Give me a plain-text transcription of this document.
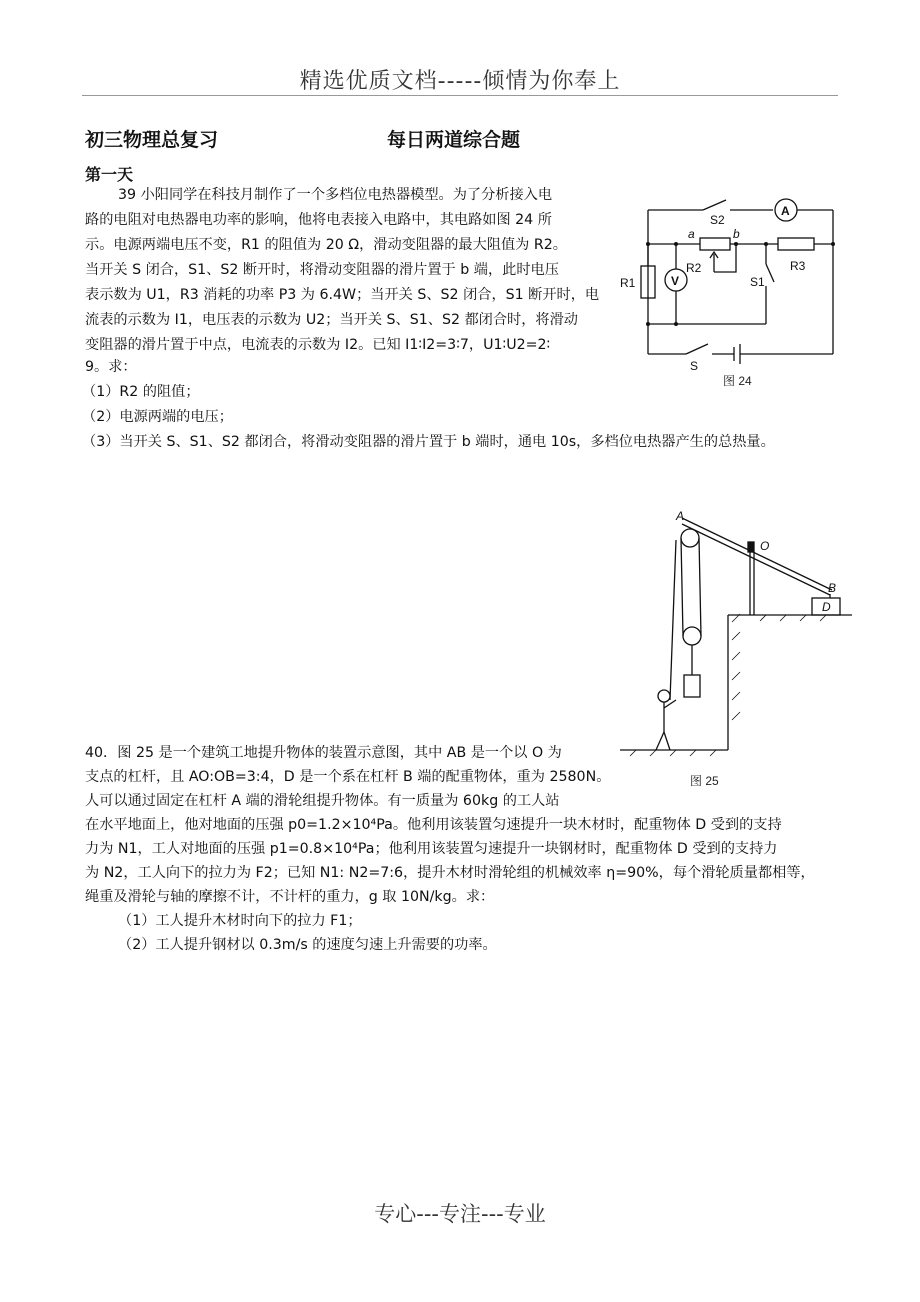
精选优质文档-----倾情为你奉上
初三物理总复习	每日两道综合题
第一天
39 小阳同学在科技月制作了一个多档位电热器模型。为了分析接入电
路的电阻对电热器电功率的影响，他将电表接入电路中，其电路如图 24 所
示。电源两端电压不变，R1 的阻值为 20 Ω，滑动变阻器的最大阻值为 R2。
当开关 S 闭合，S1、S2 断开时，将滑动变阻器的滑片置于 b 端，此时电压
表示数为 U1，R3 消耗的功率 P3 为 6.4W；当开关 S、S2 闭合，S1 断开时，电
流表的示数为 I1，电压表的示数为 U2；当开关 S、S1、S2 都闭合时，将滑动
变阻器的滑片置于中点，电流表的示数为 I2。已知 I1∶I2=3∶7，U1∶U2=2∶
9。求：
（1）R2 的阻值；
（2）电源两端的电压；
（3）当开关 S、S1、S2 都闭合，将滑动变阻器的滑片置于 b 端时，通电 10s，多档位电热器产生的总热量。
S2
A
a	b
R2	R3
R1	V	S1
S
图 24
A
O
B
D
图 25
40．图 25 是一个建筑工地提升物体的装置示意图，其中 AB 是一个以 O 为
支点的杠杆，且 AO:OB=3:4，D 是一个系在杠杆 B 端的配重物体，重为 2580N。
人可以通过固定在杠杆 A 端的滑轮组提升物体。有一质量为 60kg 的工人站
在水平地面上，他对地面的压强 p0=1.2×10⁴Pa。他利用该装置匀速提升一块木材时，配重物体 D 受到的支持
力为 N1，工人对地面的压强 p1=0.8×10⁴Pa；他利用该装置匀速提升一块钢材时，配重物体 D 受到的支持力
为 N2，工人向下的拉力为 F2；已知 N1: N2=7:6，提升木材时滑轮组的机械效率 η=90%，每个滑轮质量都相等，
绳重及滑轮与轴的摩擦不计，不计杆的重力，g 取 10N/kg。求：
（1）工人提升木材时向下的拉力 F1；
（2）工人提升钢材以 0.3m/s 的速度匀速上升需要的功率。
专心---专注---专业
